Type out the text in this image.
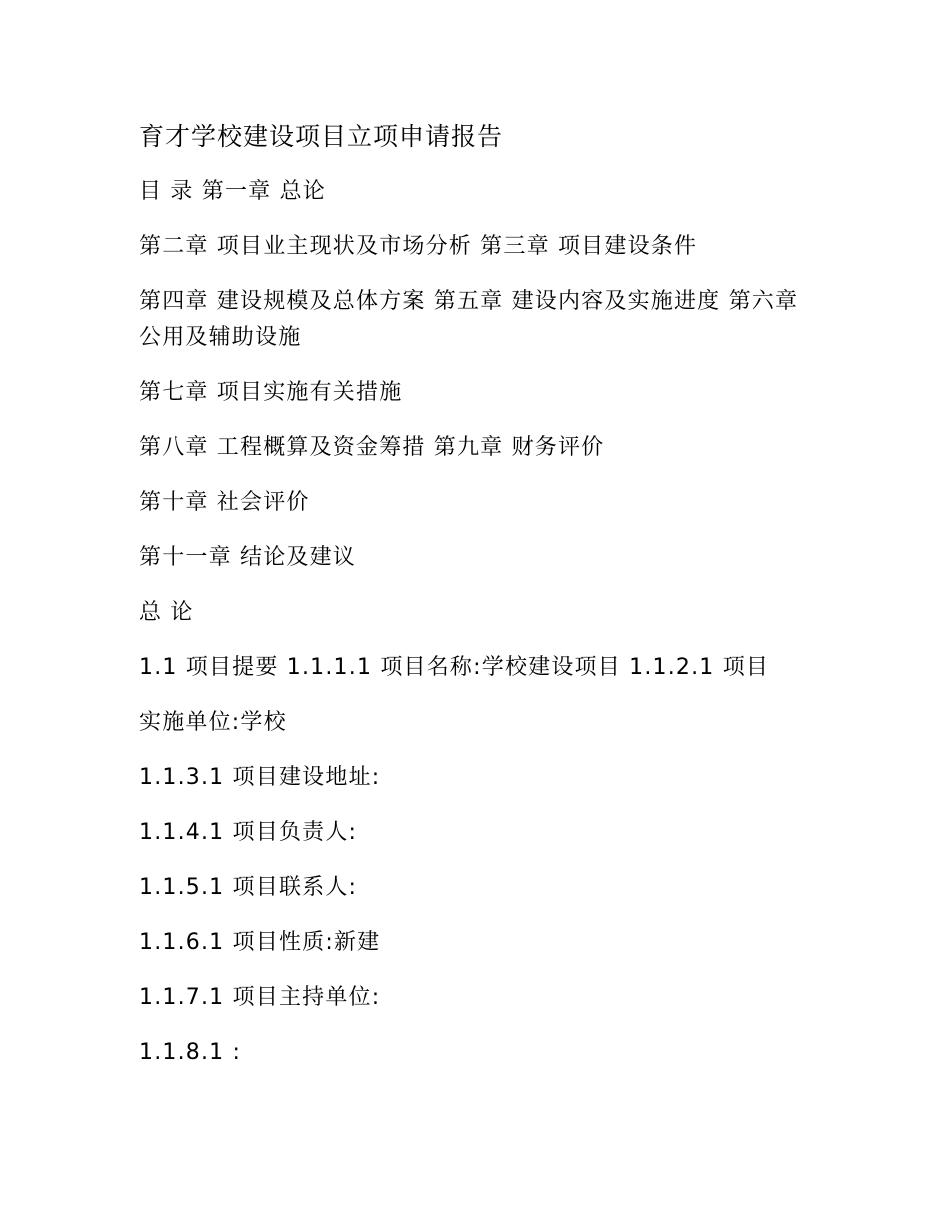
育才学校建设项目立项申请报告
目 录 第一章 总论
第二章 项目业主现状及市场分析 第三章 项目建设条件
第四章 建设规模及总体方案 第五章 建设内容及实施进度 第六章 公用及辅助设施
第七章 项目实施有关措施
第八章 工程概算及资金筹措 第九章 财务评价
第十章 社会评价
第十一章 结论及建议
总 论
1.1 项目提要 1.1.1.1 项目名称:学校建设项目 1.1.2.1 项目
实施单位:学校
1.1.3.1 项目建设地址:
1.1.4.1 项目负责人:
1.1.5.1 项目联系人:
1.1.6.1 项目性质:新建
1.1.7.1 项目主持单位:
1.1.8.1 :
